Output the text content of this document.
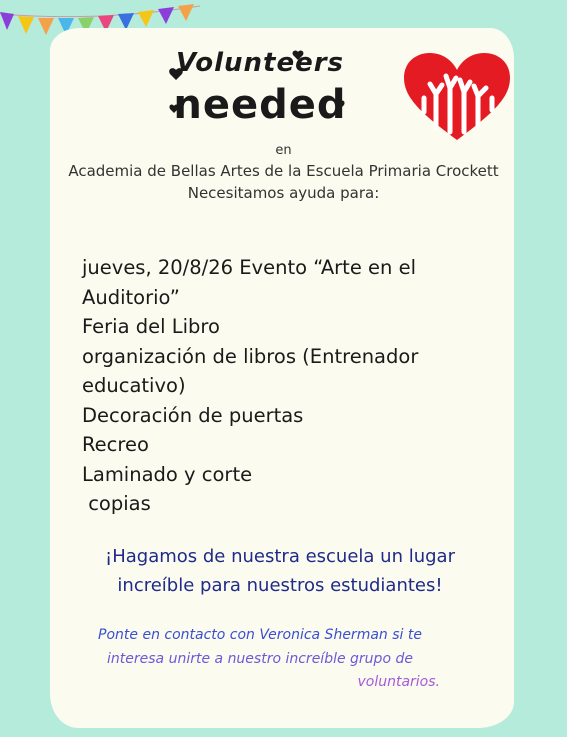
Volunteers
needed
en
Academia de Bellas Artes de la Escuela Primaria Crockett
Necesitamos ayuda para:
jueves, 20/8/26 Evento “Arte en el
Auditorio”
Feria del Libro
organización de libros (Entrenador
educativo)
Decoración de puertas
Recreo
Laminado y corte
copias
¡Hagamos de nuestra escuela un lugar
increíble para nuestros estudiantes!
Ponte en contacto con Veronica Sherman si te
interesa unirte a nuestro increíble grupo de
voluntarios.
